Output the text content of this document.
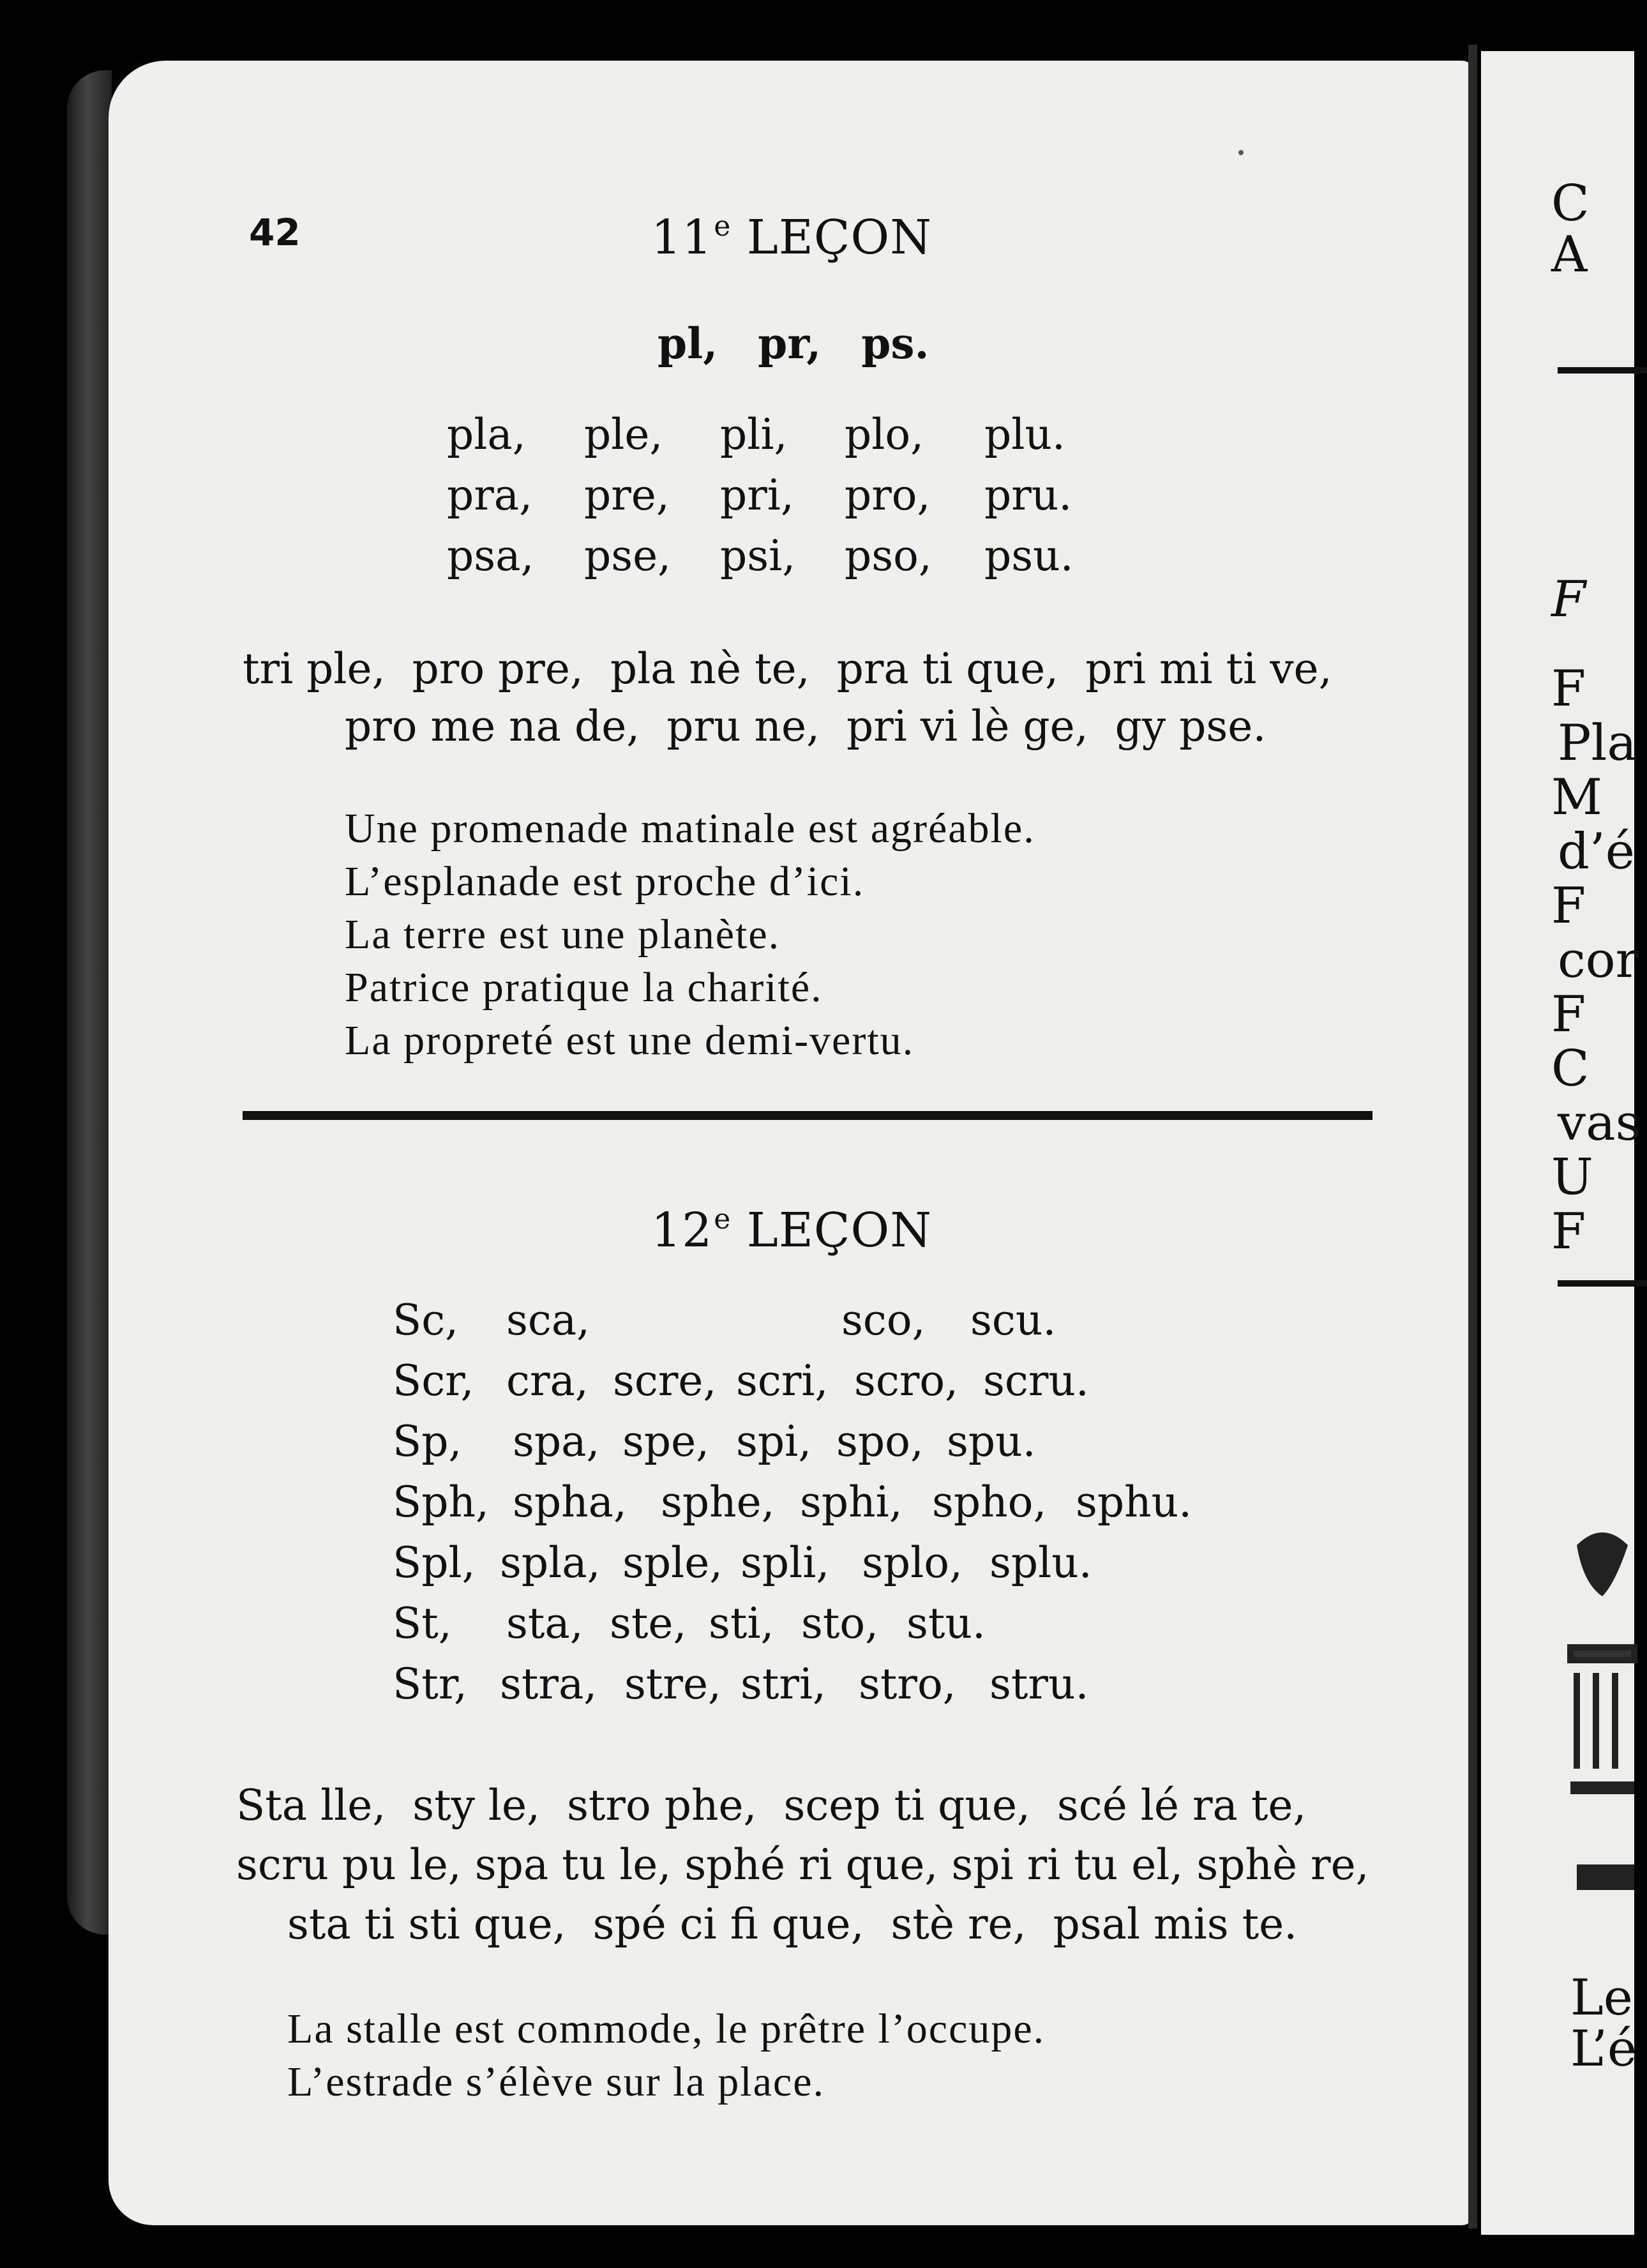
42	11e LEÇON
pl, pr, ps.
pla, ple, pli, plo, plu.
pra, pre, pri, pro, pru.
psa, pse, psi, pso, psu.
tri ple,  pro pre,  pla nè te,  pra ti que,  pri mi ti ve,
pro me na de,  pru ne,  pri vi lè ge,  gy pse.
Une promenade matinale est agréable.
L’esplanade est proche d’ici.
La terre est une planète.
Patrice pratique la charité.
La propreté est une demi-vertu.
12e LEÇON
Sc, sca,	sco, scu.
Scr, cra, scre, scri, scro, scru.
Sp, spa, spe, spi, spo, spu.
Sph, spha, sphe, sphi, spho, sphu.
Spl, spla, sple, spli, splo, splu.
St, sta, ste, sti, sto, stu.
Str, stra, stre, stri, stro, stru.
Sta lle,  sty le,  stro phe,  scep ti que,  scé lé ra te,
scru pu le, spa tu le, sphé ri que, spi ri tu el, sphè re,
sta ti sti que,  spé ci fi que,  stè re,  psal mis te.
La stalle est commode, le prêtre l’occupe.
L’estrade s’élève sur la place.
C
A
F
F
Pla
M
d’é
F
cor
F
C
vas
U
F
Le
L’é
